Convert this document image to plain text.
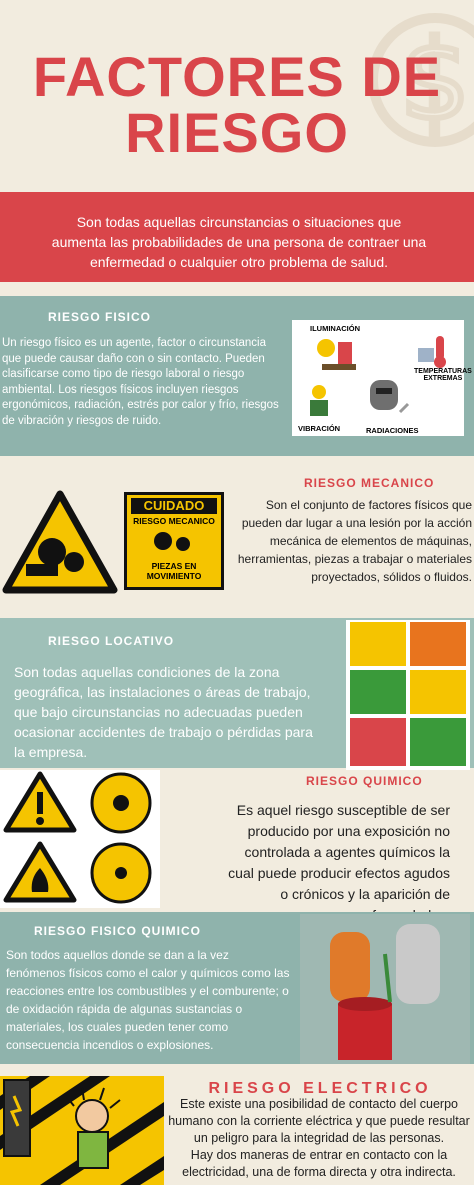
$
FACTORES DE
RIESGO
Son todas aquellas circunstancias o situaciones que aumenta las probabilidades de una persona de contraer una enfermedad o cualquier otro problema de salud.
RIESGO FISICO
Un riesgo físico es un agente, factor o circunstancia que puede causar daño con o sin contacto. Pueden clasificarse como tipo de riesgo laboral o riesgo ambiental. Los riesgos físicos incluyen riesgos ergonómicos, radiación, estrés por calor y frío, riesgos de vibración y riesgos de ruido.
ILUMINACIÓN
TEMPERATURAS
EXTREMAS
VIBRACIÓN	RADIACIONES
RIESGO MECANICO
CUIDADO
RIESGO MECANICO
PIEZAS EN
MOVIMIENTO
Son el conjunto de factores físicos que pueden dar lugar a una lesión por la acción mecánica de elementos de máquinas, herramientas, piezas a trabajar o materiales proyectados, sólidos o fluidos.
RIESGO LOCATIVO
Son todas aquellas condiciones de la zona geográfica, las instalaciones o áreas de trabajo, que bajo circunstancias no adecuadas pueden ocasionar accidentes de trabajo o pérdidas para la empresa.
RIESGO QUIMICO
Es aquel riesgo susceptible de ser producido por una exposición no controlada a agentes químicos la cual puede producir efectos agudos o crónicos y la aparición de
RIESGO FISICO QUIMICO
Son todos aquellos donde se dan a la vez fenómenos físicos como el calor y químicos como las reacciones entre los combustibles y el comburente; o de oxidación rápida de algunas sustancias o materiales, los cuales pueden tener como consecuencia incendios o explosiones.
RIESGO ELECTRICO
Este existe una posibilidad de contacto del cuerpo humano con la corriente eléctrica y que puede resultar un peligro para la integridad de las personas.
Hay dos maneras de entrar en contacto con la electricidad, una de forma directa y otra indirecta.
